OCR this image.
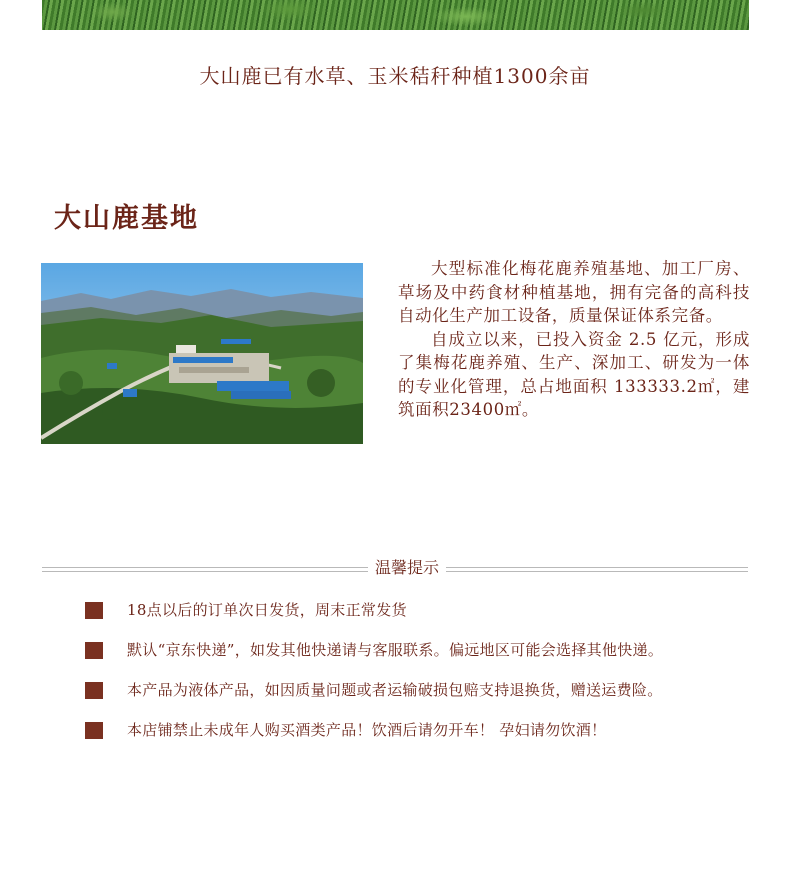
大山鹿已有水草、玉米秸秆种植1300余亩
大山鹿基地

大型标准化梅花鹿养殖基地、加工厂房、草场及中药食材种植基地，拥有完备的高科技自动化生产加工设备，质量保证体系完备。

自成立以来，已投入资金 2.5 亿元，形成了集梅花鹿养殖、生产、深加工、研发为一体的专业化管理，总占地面积 133333.2㎡，建筑面积23400㎡。

温馨提示
18点以后的订单次日发货，周末正常发货
默认“京东快递”，如发其他快递请与客服联系。偏远地区可能会选择其他快递。
本产品为液体产品，如因质量问题或者运输破损包赔支持退换货，赠送运费险。
本店铺禁止未成年人购买酒类产品！饮酒后请勿开车！ 孕妇请勿饮酒！
